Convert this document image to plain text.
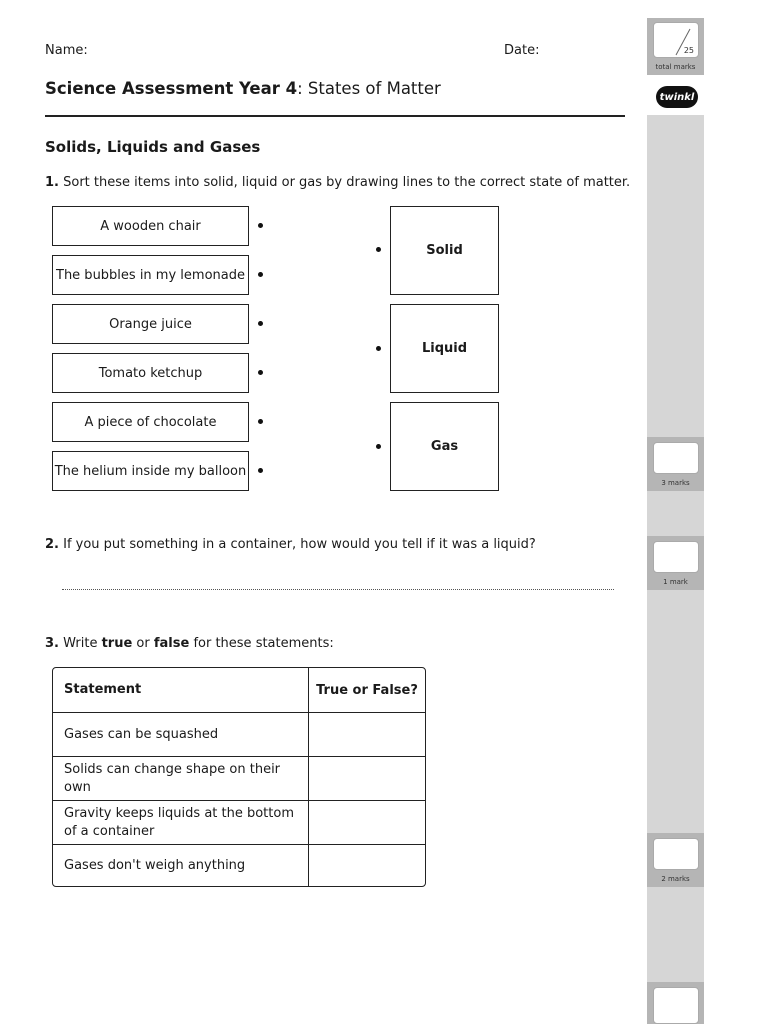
Name:	Date:
Science Assessment Year 4: States of Matter
Solids, Liquids and Gases
1. Sort these items into solid, liquid or gas by drawing lines to the correct state of matter.
A wooden chair
The bubbles in my lemonade
Orange juice
Tomato ketchup
A piece of chocolate
The helium inside my balloon
Solid
Liquid
Gas
2. If you put something in a container, how would you tell if it was a liquid?
3. Write true or false for these statements:
Statement	True or False?
Gases can be squashed
Solids can change shape on their own
Gravity keeps liquids at the bottom of a container
Gases don't weigh anything
25
total marks
twinkl
3 marks
1 mark
2 marks
